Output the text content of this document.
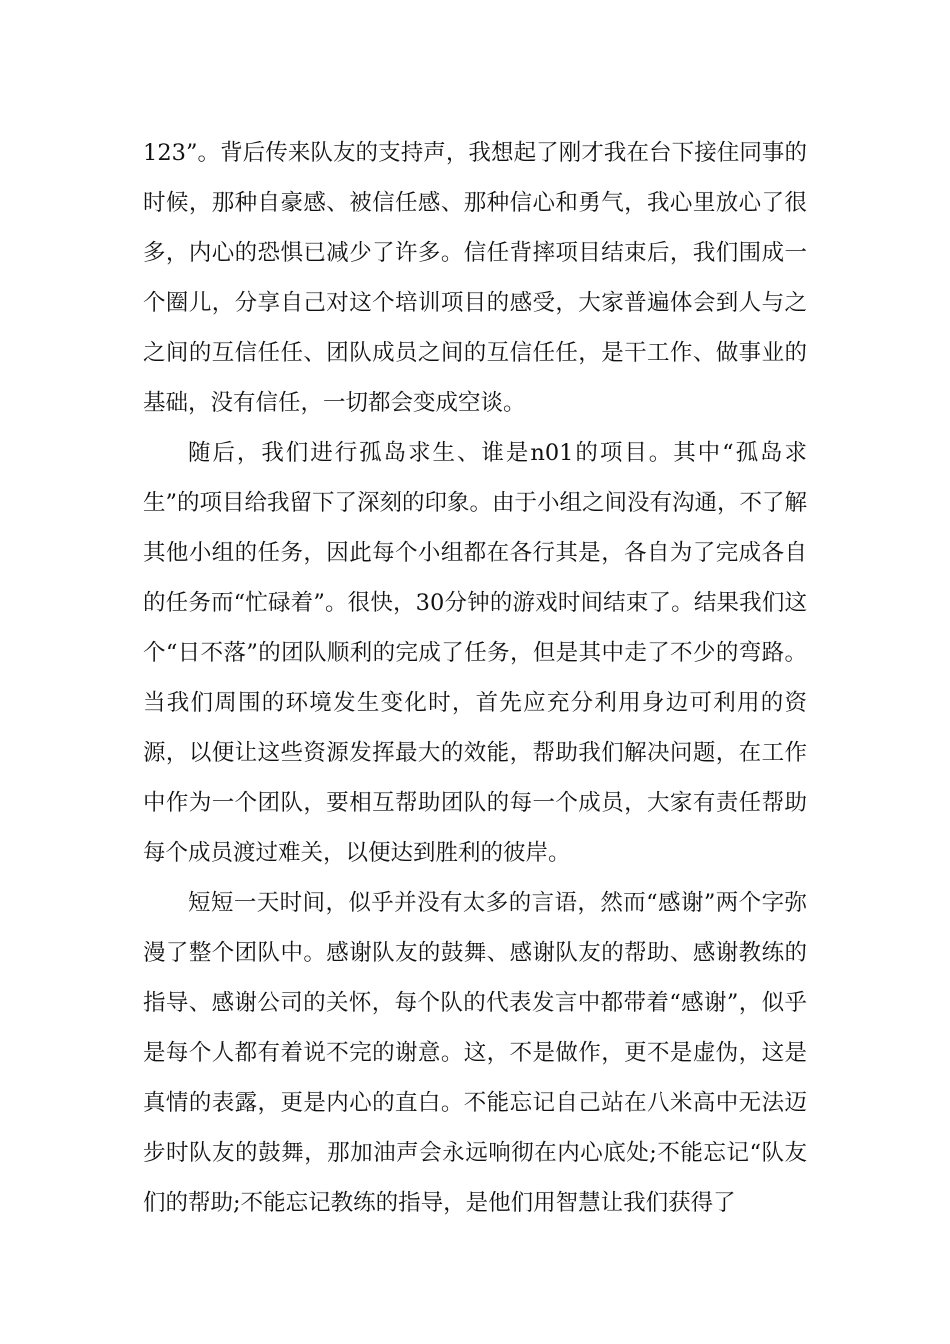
123”。背后传来队友的支持声，我想起了刚才我在台下接住同事的时候，那种自豪感、被信任感、那种信心和勇气，我心里放心了很多，内心的恐惧已减少了许多。信任背摔项目结束后，我们围成一个圈儿，分享自己对这个培训项目的感受，大家普遍体会到人与之之间的互信任任、团队成员之间的互信任任，是干工作、做事业的基础，没有信任，一切都会变成空谈。

随后，我们进行孤岛求生、谁是n01的项目。其中“孤岛求生”的项目给我留下了深刻的印象。由于小组之间没有沟通，不了解其他小组的任务，因此每个小组都在各行其是，各自为了完成各自的任务而“忙碌着”。很快，30分钟的游戏时间结束了。结果我们这个“日不落”的团队顺利的完成了任务，但是其中走了不少的弯路。当我们周围的环境发生变化时，首先应充分利用身边可利用的资源，以便让这些资源发挥最大的效能，帮助我们解决问题，在工作中作为一个团队，要相互帮助团队的每一个成员，大家有责任帮助每个成员渡过难关，以便达到胜利的彼岸。

短短一天时间，似乎并没有太多的言语，然而“感谢”两个字弥漫了整个团队中。感谢队友的鼓舞、感谢队友的帮助、感谢教练的指导、感谢公司的关怀，每个队的代表发言中都带着“感谢”，似乎是每个人都有着说不完的谢意。这，不是做作，更不是虚伪，这是真情的表露，更是内心的直白。不能忘记自己站在八米高中无法迈步时队友的鼓舞，那加油声会永远响彻在内心底处;不能忘记“队友们的帮助;不能忘记教练的指导，是他们用智慧让我们获得了
